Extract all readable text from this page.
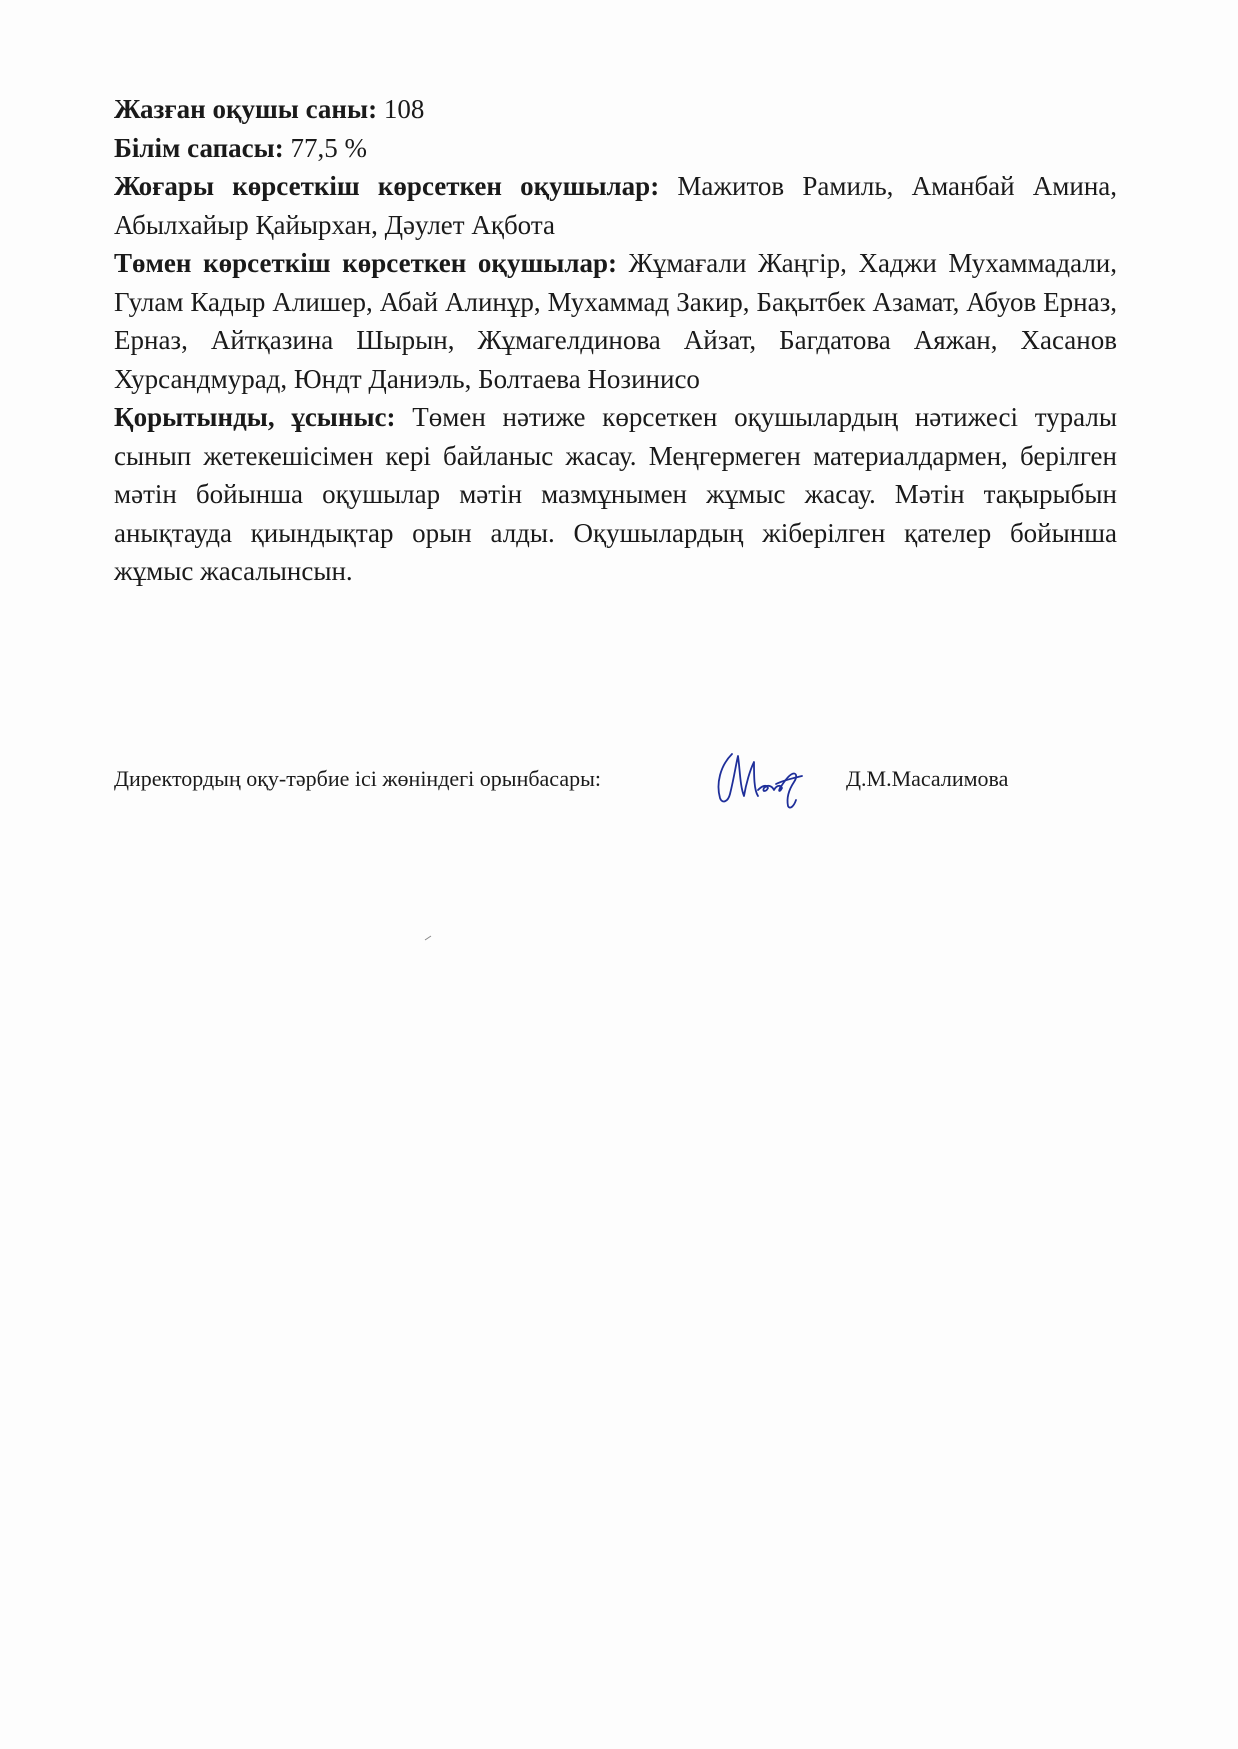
Жазған оқушы саны: 108

Білім сапасы: 77,5 %

Жоғары көрсеткіш көрсеткен оқушылар: Мажитов Рамиль, Аманбай Амина, Абылхайыр Қайырхан, Дәулет Ақбота

Төмен көрсеткіш көрсеткен оқушылар: Жұмағали Жаңгір, Хаджи Мухаммадали, Гулам Кадыр Алишер, Абай Алинұр, Мухаммад Закир, Бақытбек Азамат, Абуов Ерназ, Ерназ, Айтқазина Шырын, Жұмагелдинова Айзат, Багдатова Аяжан, Хасанов Хурсандмурад, Юндт Даниэль, Болтаева Нозинисо

Қорытынды, ұсыныс: Төмен нәтиже көрсеткен оқушылардың нәтижесі туралы сынып жетекешісімен кері байланыс жасау. Меңгермеген материалдармен, берілген мәтін бойынша оқушылар мәтін мазмұнымен жұмыс жасау. Мәтін тақырыбын анықтауда қиындықтар орын алды. Оқушылардың жіберілген қателер бойынша жұмыс жасалынсын.

Директордың оқу-тәрбие ісі жөніндегі орынбасары:	Д.М.Масалимова
